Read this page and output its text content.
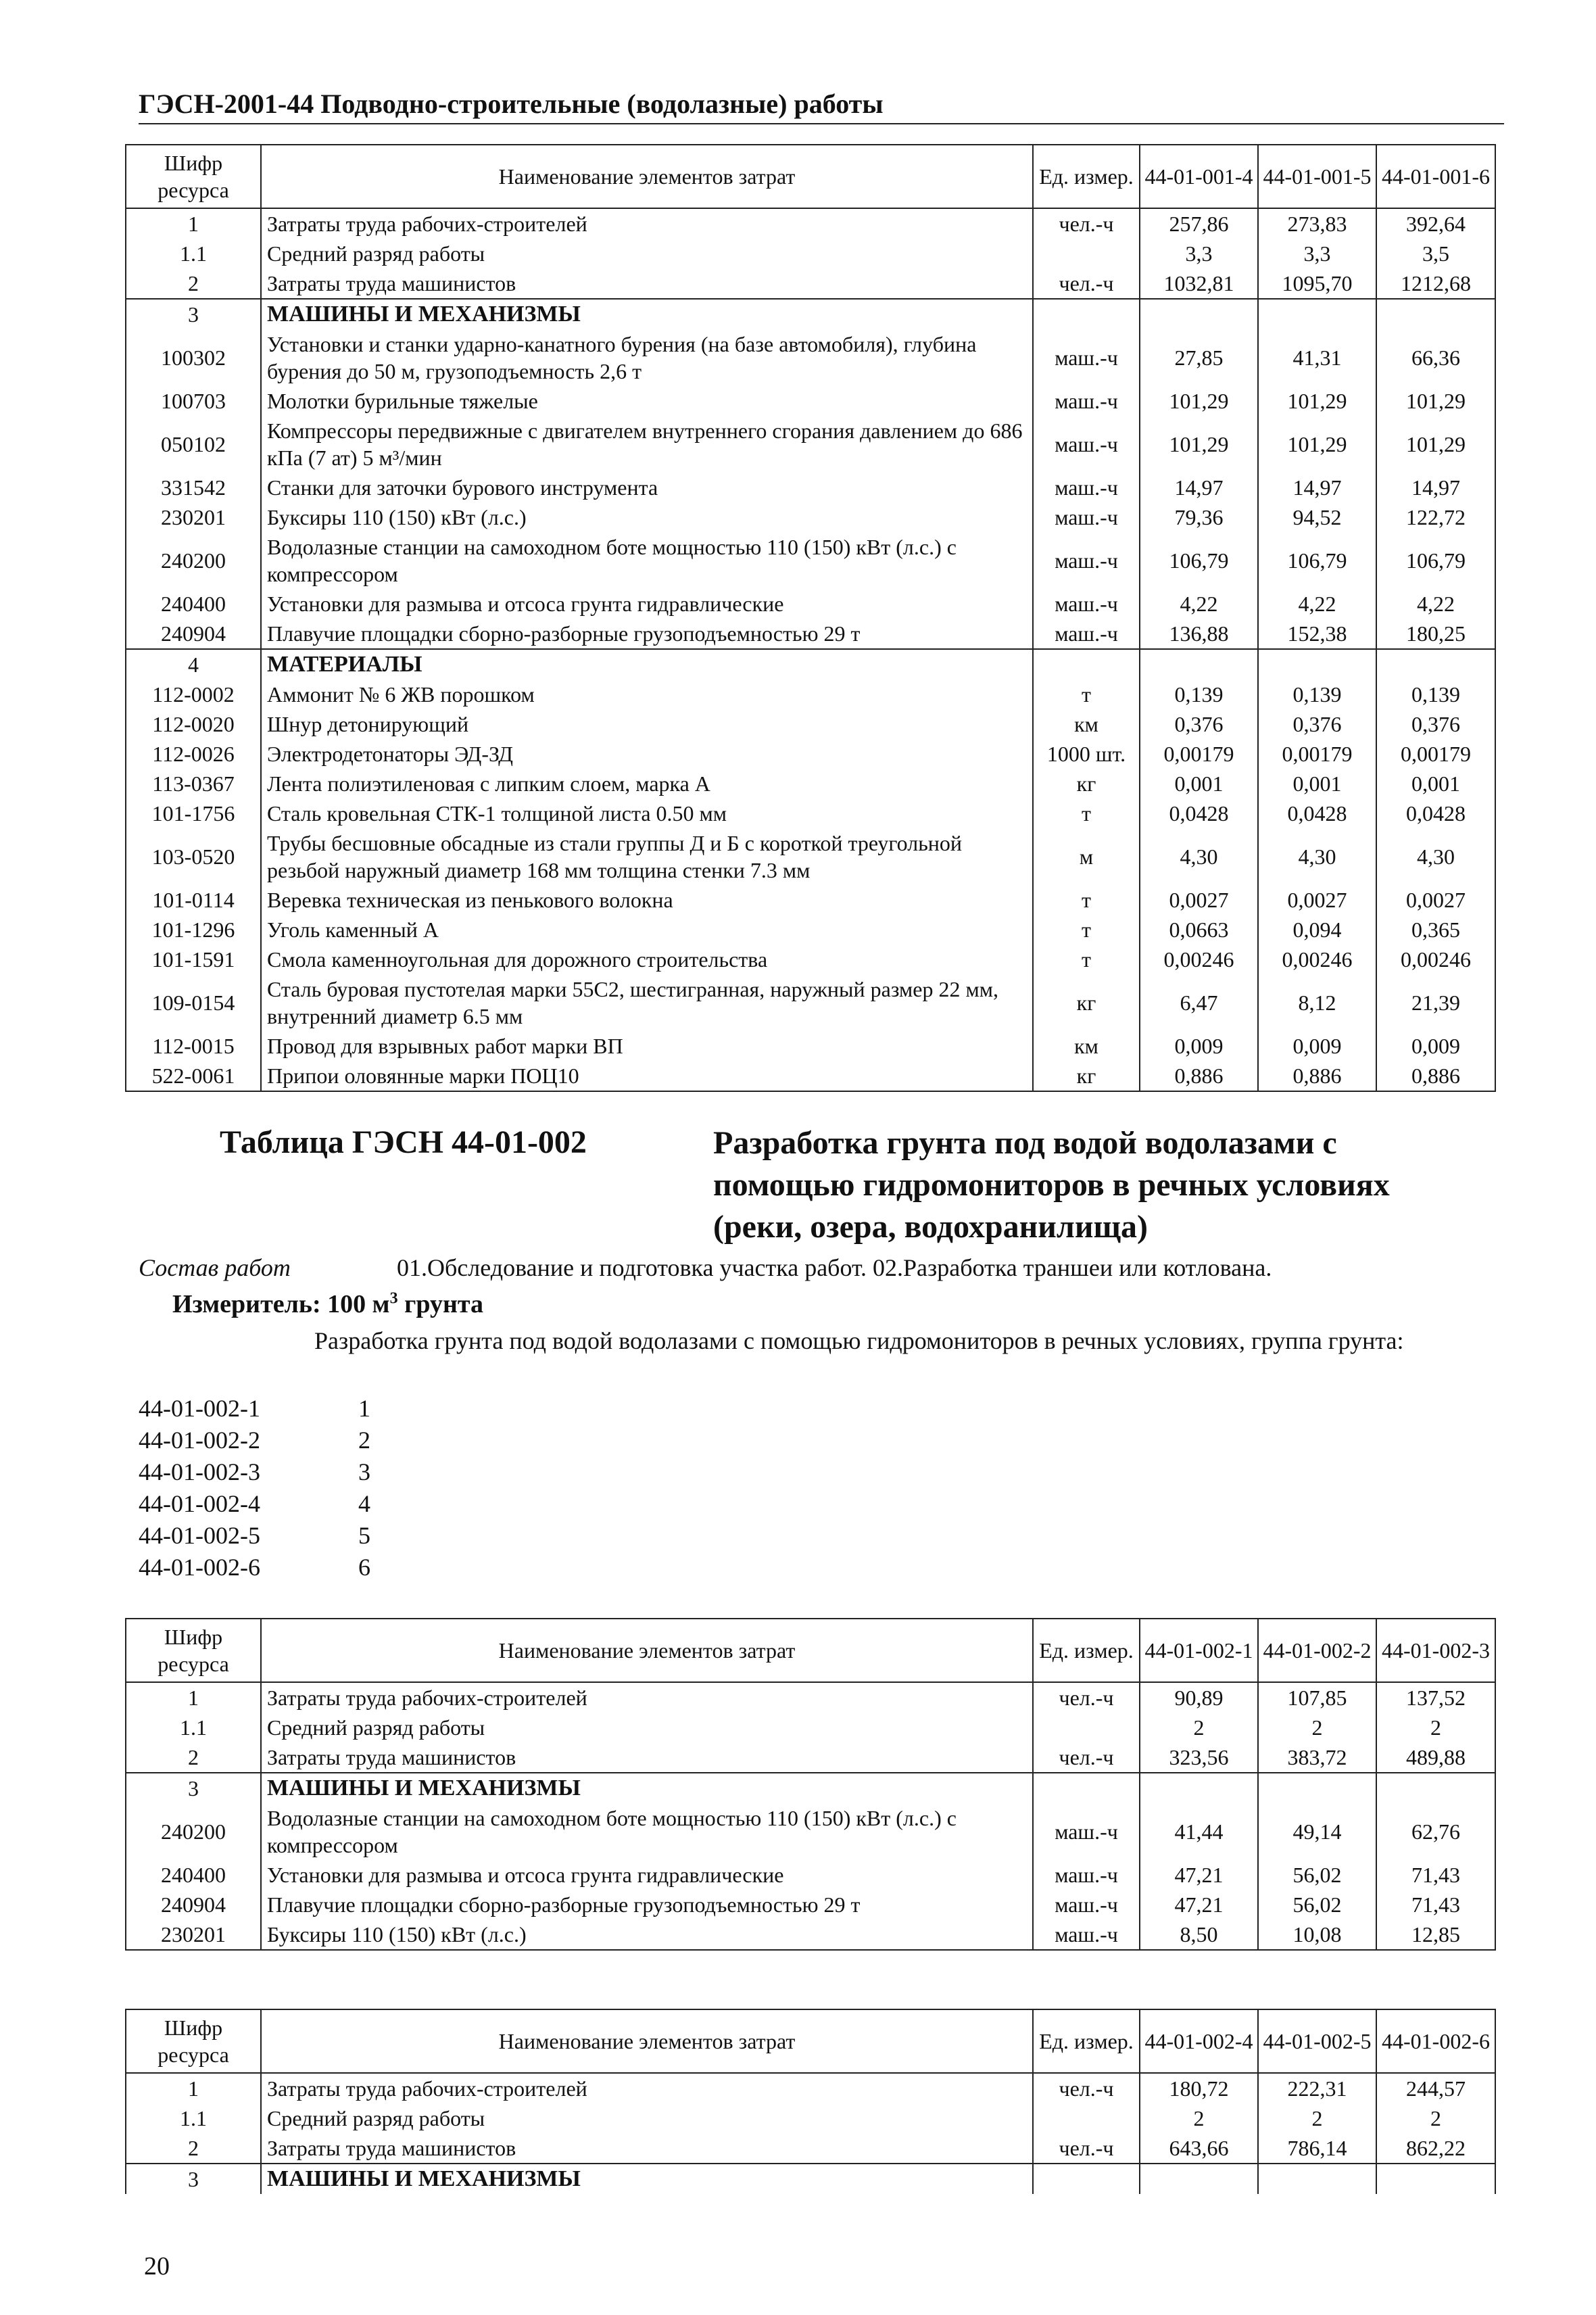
ГЭСН-2001-44 Подводно-строительные (водолазные) работы
Шифр ресурса	Наименование элементов затрат	Ед. измер.	44-01-001-4	44-01-001-5	44-01-001-6
1	Затраты труда рабочих-строителей	чел.-ч	257,86	273,83	392,64
1.1	Средний разряд работы		3,3	3,3	3,5
2	Затраты труда машинистов	чел.-ч	1032,81	1095,70	1212,68
3	МАШИНЫ И МЕХАНИЗМЫ				
100302	Установки и станки ударно-канатного бурения (на базе автомобиля), глубина бурения до 50 м, грузоподъемность 2,6 т	маш.-ч	27,85	41,31	66,36
100703	Молотки бурильные тяжелые	маш.-ч	101,29	101,29	101,29
050102	Компрессоры передвижные с двигателем внутреннего сгорания давлением до 686 кПа (7 ат) 5 м³/мин	маш.-ч	101,29	101,29	101,29
331542	Станки для заточки бурового инструмента	маш.-ч	14,97	14,97	14,97
230201	Буксиры 110 (150) кВт (л.с.)	маш.-ч	79,36	94,52	122,72
240200	Водолазные станции на самоходном боте мощностью 110 (150) кВт (л.с.) с компрессором	маш.-ч	106,79	106,79	106,79
240400	Установки для размыва и отсоса грунта гидравлические	маш.-ч	4,22	4,22	4,22
240904	Плавучие площадки сборно-разборные грузоподъемностью 29 т	маш.-ч	136,88	152,38	180,25
4	МАТЕРИАЛЫ				
112-0002	Аммонит № 6 ЖВ порошком	т	0,139	0,139	0,139
112-0020	Шнур детонирующий	км	0,376	0,376	0,376
112-0026	Электродетонаторы ЭД-ЗД	1000 шт.	0,00179	0,00179	0,00179
113-0367	Лента полиэтиленовая с липким слоем, марка А	кг	0,001	0,001	0,001
101-1756	Сталь кровельная СТК-1 толщиной листа 0.50 мм	т	0,0428	0,0428	0,0428
103-0520	Трубы бесшовные обсадные из стали группы Д и Б с короткой треугольной резьбой наружный диаметр 168 мм толщина стенки 7.3 мм	м	4,30	4,30	4,30
101-0114	Веревка техническая из пенькового волокна	т	0,0027	0,0027	0,0027
101-1296	Уголь каменный А	т	0,0663	0,094	0,365
101-1591	Смола каменноугольная для дорожного строительства	т	0,00246	0,00246	0,00246
109-0154	Сталь буровая пустотелая марки 55С2, шестигранная, наружный размер 22 мм, внутренний диаметр 6.5 мм	кг	6,47	8,12	21,39
112-0015	Провод для взрывных работ марки ВП	км	0,009	0,009	0,009
522-0061	Припои оловянные марки ПОЦ10	кг	0,886	0,886	0,886
Таблица ГЭСН 44-01-002	Разработка грунта под водой водолазами с помощью гидромониторов в речных условиях (реки, озера, водохранилища)
Состав работ	01.Обследование и подготовка участка работ. 02.Разработка траншеи или котлована.
Измеритель: 100 $м^3$ грунта
Разработка грунта под водой водолазами с помощью гидромониторов в речных условиях, группа грунта:
44-01-002-1	1
44-01-002-2	2
44-01-002-3	3
44-01-002-4	4
44-01-002-5	5
44-01-002-6	6
Шифр ресурса	Наименование элементов затрат	Ед. измер.	44-01-002-1	44-01-002-2	44-01-002-3
1	Затраты труда рабочих-строителей	чел.-ч	90,89	107,85	137,52
1.1	Средний разряд работы		2	2	2
2	Затраты труда машинистов	чел.-ч	323,56	383,72	489,88
3	МАШИНЫ И МЕХАНИЗМЫ				
240200	Водолазные станции на самоходном боте мощностью 110 (150) кВт (л.с.) с компрессором	маш.-ч	41,44	49,14	62,76
240400	Установки для размыва и отсоса грунта гидравлические	маш.-ч	47,21	56,02	71,43
240904	Плавучие площадки сборно-разборные грузоподъемностью 29 т	маш.-ч	47,21	56,02	71,43
230201	Буксиры 110 (150) кВт (л.с.)	маш.-ч	8,50	10,08	12,85
Шифр ресурса	Наименование элементов затрат	Ед. измер.	44-01-002-4	44-01-002-5	44-01-002-6
1	Затраты труда рабочих-строителей	чел.-ч	180,72	222,31	244,57
1.1	Средний разряд работы		2	2	2
2	Затраты труда машинистов	чел.-ч	643,66	786,14	862,22
3	МАШИНЫ И МЕХАНИЗМЫ				
20
